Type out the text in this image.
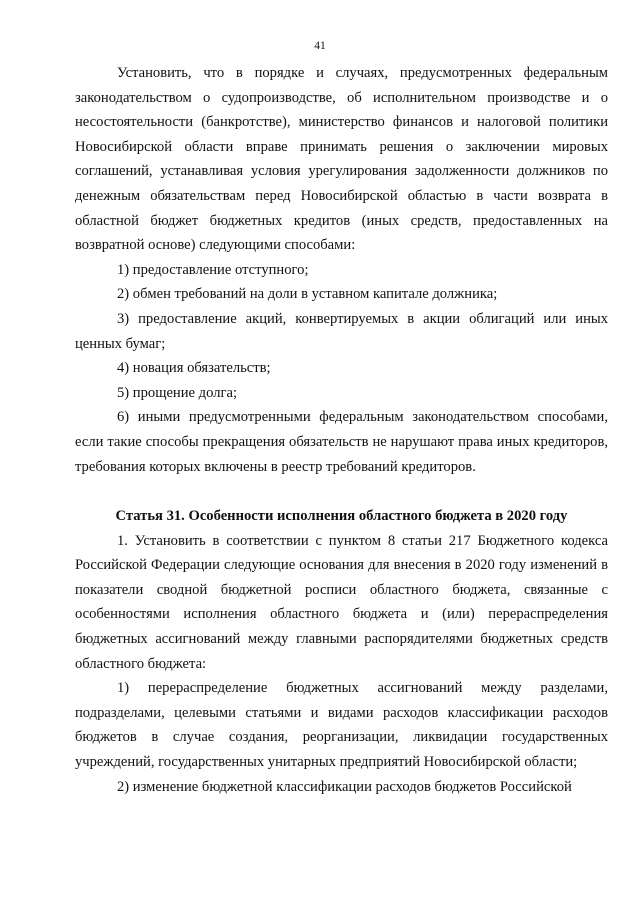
41

Установить, что в порядке и случаях, предусмотренных федеральным законодательством о судопроизводстве, об исполнительном производстве и о несостоятельности (банкротстве), министерство финансов и налоговой политики Новосибирской области вправе принимать решения о заключении мировых соглашений, устанавливая условия урегулирования задолженности должников по денежным обязательствам перед Новосибирской областью в части возврата в областной бюджет бюджетных кредитов (иных средств, предоставленных на возвратной основе) следующими способами:

1) предоставление отступного;

2) обмен требований на доли в уставном капитале должника;

3) предоставление акций, конвертируемых в акции облигаций или иных ценных бумаг;

4) новация обязательств;

5) прощение долга;

6) иными предусмотренными федеральным законодательством способами, если такие способы прекращения обязательств не нарушают права иных кредиторов, требования которых включены в реестр требований кредиторов.

Статья 31. Особенности исполнения областного бюджета в 2020 году

1. Установить в соответствии с пунктом 8 статьи 217 Бюджетного кодекса Российской Федерации следующие основания для внесения в 2020 году изменений в показатели сводной бюджетной росписи областного бюджета, связанные с особенностями исполнения областного бюджета и (или) перераспределения бюджетных ассигнований между главными распорядителями бюджетных средств областного бюджета:

1) перераспределение бюджетных ассигнований между разделами, подразделами, целевыми статьями и видами расходов классификации расходов бюджетов в случае создания, реорганизации, ликвидации государственных учреждений, государственных унитарных предприятий Новосибирской области;

2) изменение бюджетной классификации расходов бюджетов Российской
